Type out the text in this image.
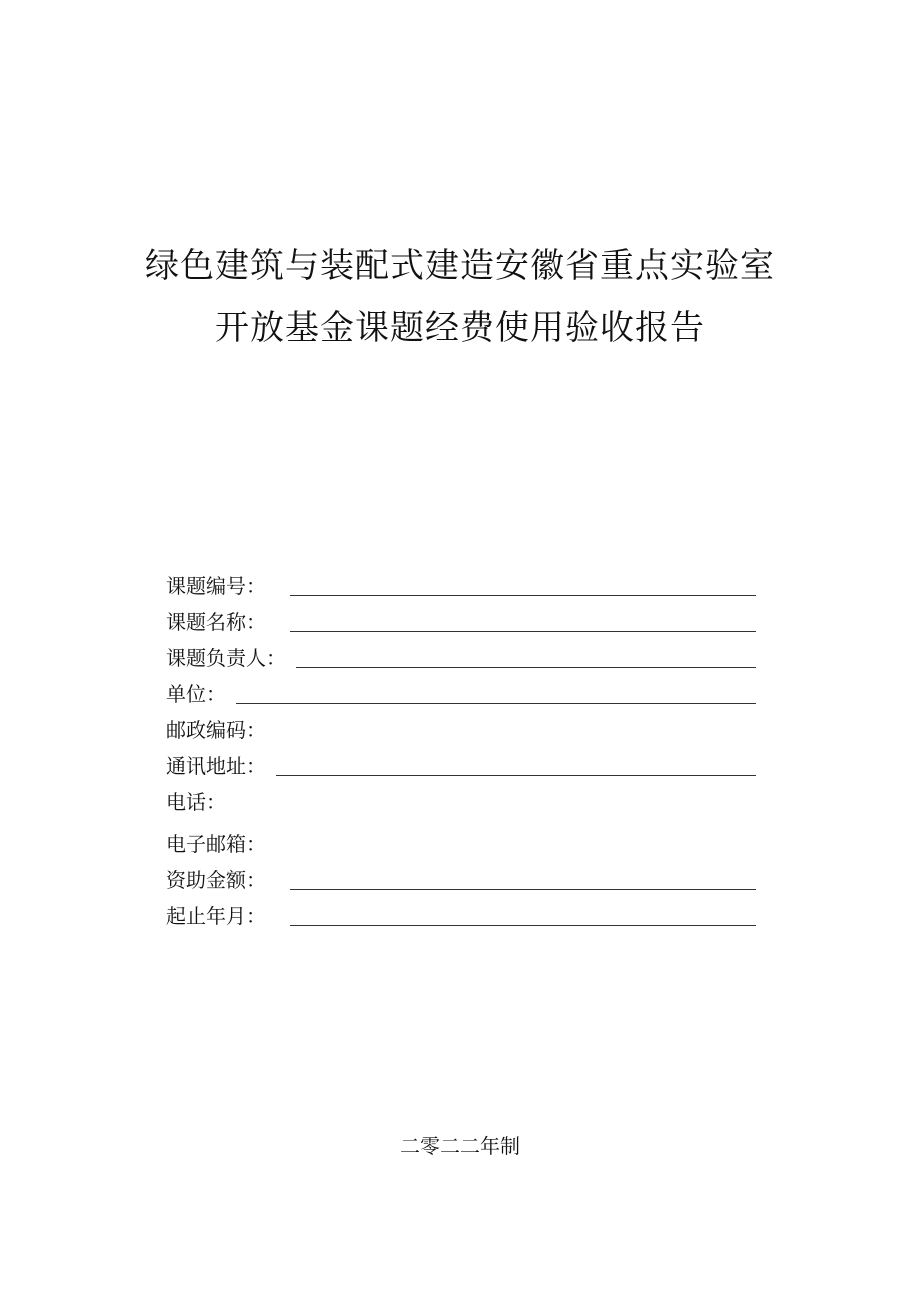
绿色建筑与装配式建造安徽省重点实验室
开放基金课题经费使用验收报告
课题编号：
课题名称：
课题负责人：
单位：
邮政编码：
通讯地址：
电话：
电子邮箱：
资助金额：
起止年月：
二零二二年制
